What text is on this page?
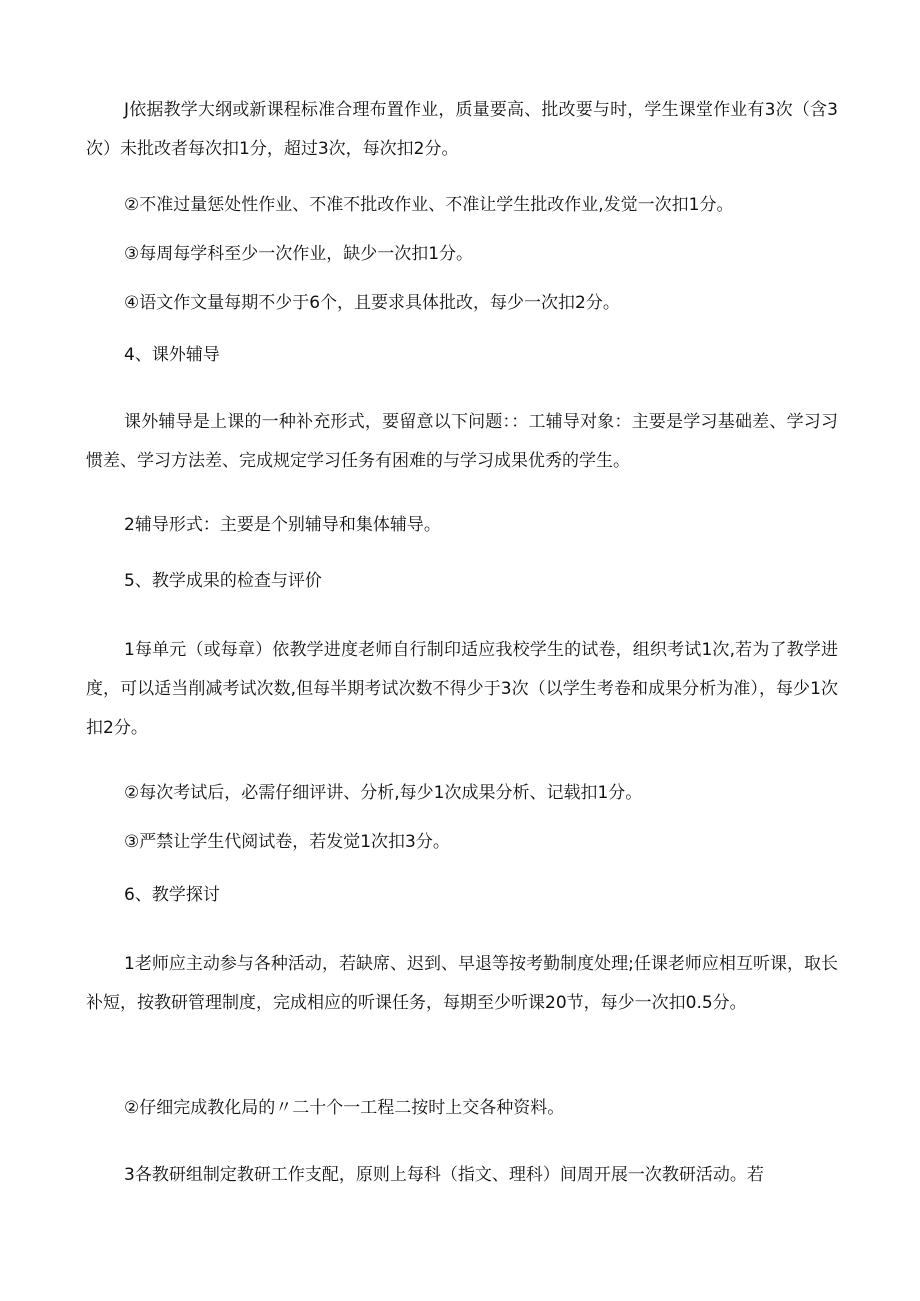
J依据教学大纲或新课程标准合理布置作业，质量要高、批改要与时，学生课堂作业有3次（含3次）未批改者每次扣1分，超过3次，每次扣2分。
②不准过量惩处性作业、不准不批改作业、不准让学生批改作业,发觉一次扣1分。
③每周每学科至少一次作业，缺少一次扣1分。
④语文作文量每期不少于6个，且要求具体批改，每少一次扣2分。
4、课外辅导
课外辅导是上课的一种补充形式，要留意以下问题：：工辅导对象：主要是学习基础差、学习习惯差、学习方法差、完成规定学习任务有困难的与学习成果优秀的学生。
2辅导形式：主要是个别辅导和集体辅导。
5、教学成果的检查与评价
1每单元（或每章）依教学进度老师自行制印适应我校学生的试卷，组织考试1次,若为了教学进度，可以适当削减考试次数,但每半期考试次数不得少于3次（以学生考卷和成果分析为准），每少1次扣2分。
②每次考试后，必需仔细评讲、分析,每少1次成果分析、记载扣1分。
③严禁让学生代阅试卷，若发觉1次扣3分。
6、教学探讨
1老师应主动参与各种活动，若缺席、迟到、早退等按考勤制度处理;任课老师应相互听课，取长补短，按教研管理制度，完成相应的听课任务，每期至少听课20节，每少一次扣0.5分。
②仔细完成教化局的〃二十个一工程二按时上交各种资料。
3各教研组制定教研工作支配，原则上每科（指文、理科）间周开展一次教研活动。若
